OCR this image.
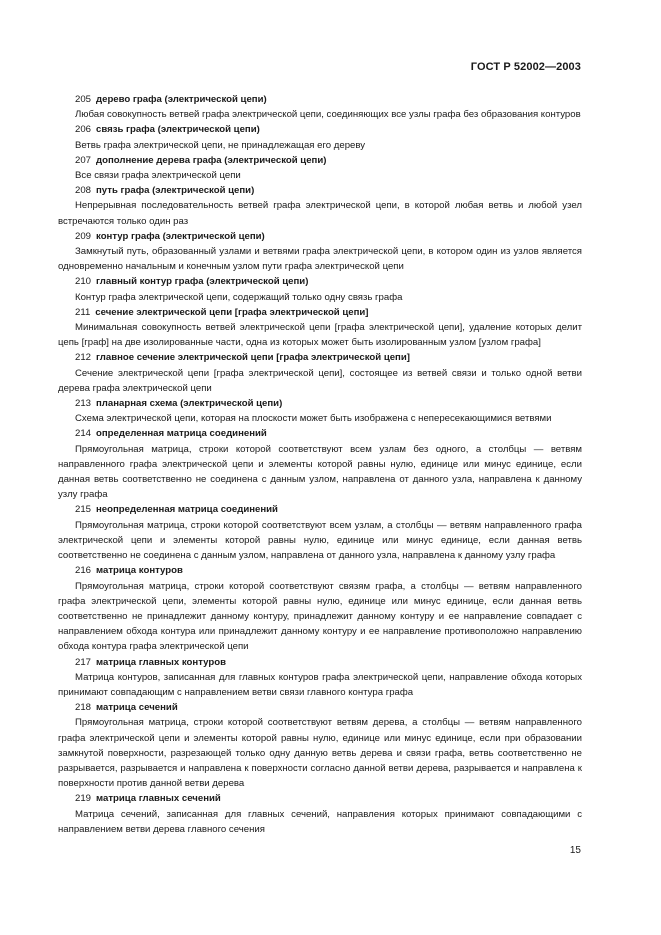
ГОСТ Р 52002—2003
205 дерево графа (электрической цепи)
Любая совокупность ветвей графа электрической цепи, соединяющих все узлы графа без образования контуров
206 связь графа (электрической цепи)
Ветвь графа электрической цепи, не принадлежащая его дереву
207 дополнение дерева графа (электрической цепи)
Все связи графа электрической цепи
208 путь графа (электрической цепи)
Непрерывная последовательность ветвей графа электрической цепи, в которой любая ветвь и любой узел встречаются только один раз
209 контур графа (электрической цепи)
Замкнутый путь, образованный узлами и ветвями графа электрической цепи, в котором один из узлов является одновременно начальным и конечным узлом пути графа электрической цепи
210 главный контур графа (электрической цепи)
Контур графа электрической цепи, содержащий только одну связь графа
211 сечение электрической цепи [графа электрической цепи]
Минимальная совокупность ветвей электрической цепи [графа электрической цепи], удаление которых делит цепь [граф] на две изолированные части, одна из которых может быть изолированным узлом [узлом графа]
212 главное сечение электрической цепи [графа электрической цепи]
Сечение электрической цепи [графа электрической цепи], состоящее из ветвей связи и только одной ветви дерева графа электрической цепи
213 планарная схема (электрической цепи)
Схема электрической цепи, которая на плоскости может быть изображена с непересекающимися ветвями
214 определенная матрица соединений
Прямоугольная матрица, строки которой соответствуют всем узлам без одного, а столбцы — ветвям направленного графа электрической цепи и элементы которой равны нулю, единице или минус единице, если данная ветвь соответственно не соединена с данным узлом, направлена от данного узла, направлена к данному узлу графа
215 неопределенная матрица соединений
Прямоугольная матрица, строки которой соответствуют всем узлам, а столбцы — ветвям направленного графа электрической цепи и элементы которой равны нулю, единице или минус единице, если данная ветвь соответственно не соединена с данным узлом, направлена от данного узла, направлена к данному узлу графа
216 матрица контуров
Прямоугольная матрица, строки которой соответствуют связям графа, а столбцы — ветвям направленного графа электрической цепи, элементы которой равны нулю, единице или минус единице, если данная ветвь соответственно не принадлежит данному контуру, принадлежит данному контуру и ее направление совпадает с направлением обхода контура или принадлежит данному контуру и ее направление противоположно направлению обхода контура графа электрической цепи
217 матрица главных контуров
Матрица контуров, записанная для главных контуров графа электрической цепи, направление обхода которых принимают совпадающим с направлением ветви связи главного контура графа
218 матрица сечений
Прямоугольная матрица, строки которой соответствуют ветвям дерева, а столбцы — ветвям направленного графа электрической цепи и элементы которой равны нулю, единице или минус единице, если при образовании замкнутой поверхности, разрезающей только одну данную ветвь дерева и связи графа, ветвь соответственно не разрывается, разрывается и направлена к поверхности согласно данной ветви дерева, разрывается и направлена к поверхности против данной ветви дерева
219 матрица главных сечений
Матрица сечений, записанная для главных сечений, направления которых принимают совпадающими с направлением ветви дерева главного сечения
15
